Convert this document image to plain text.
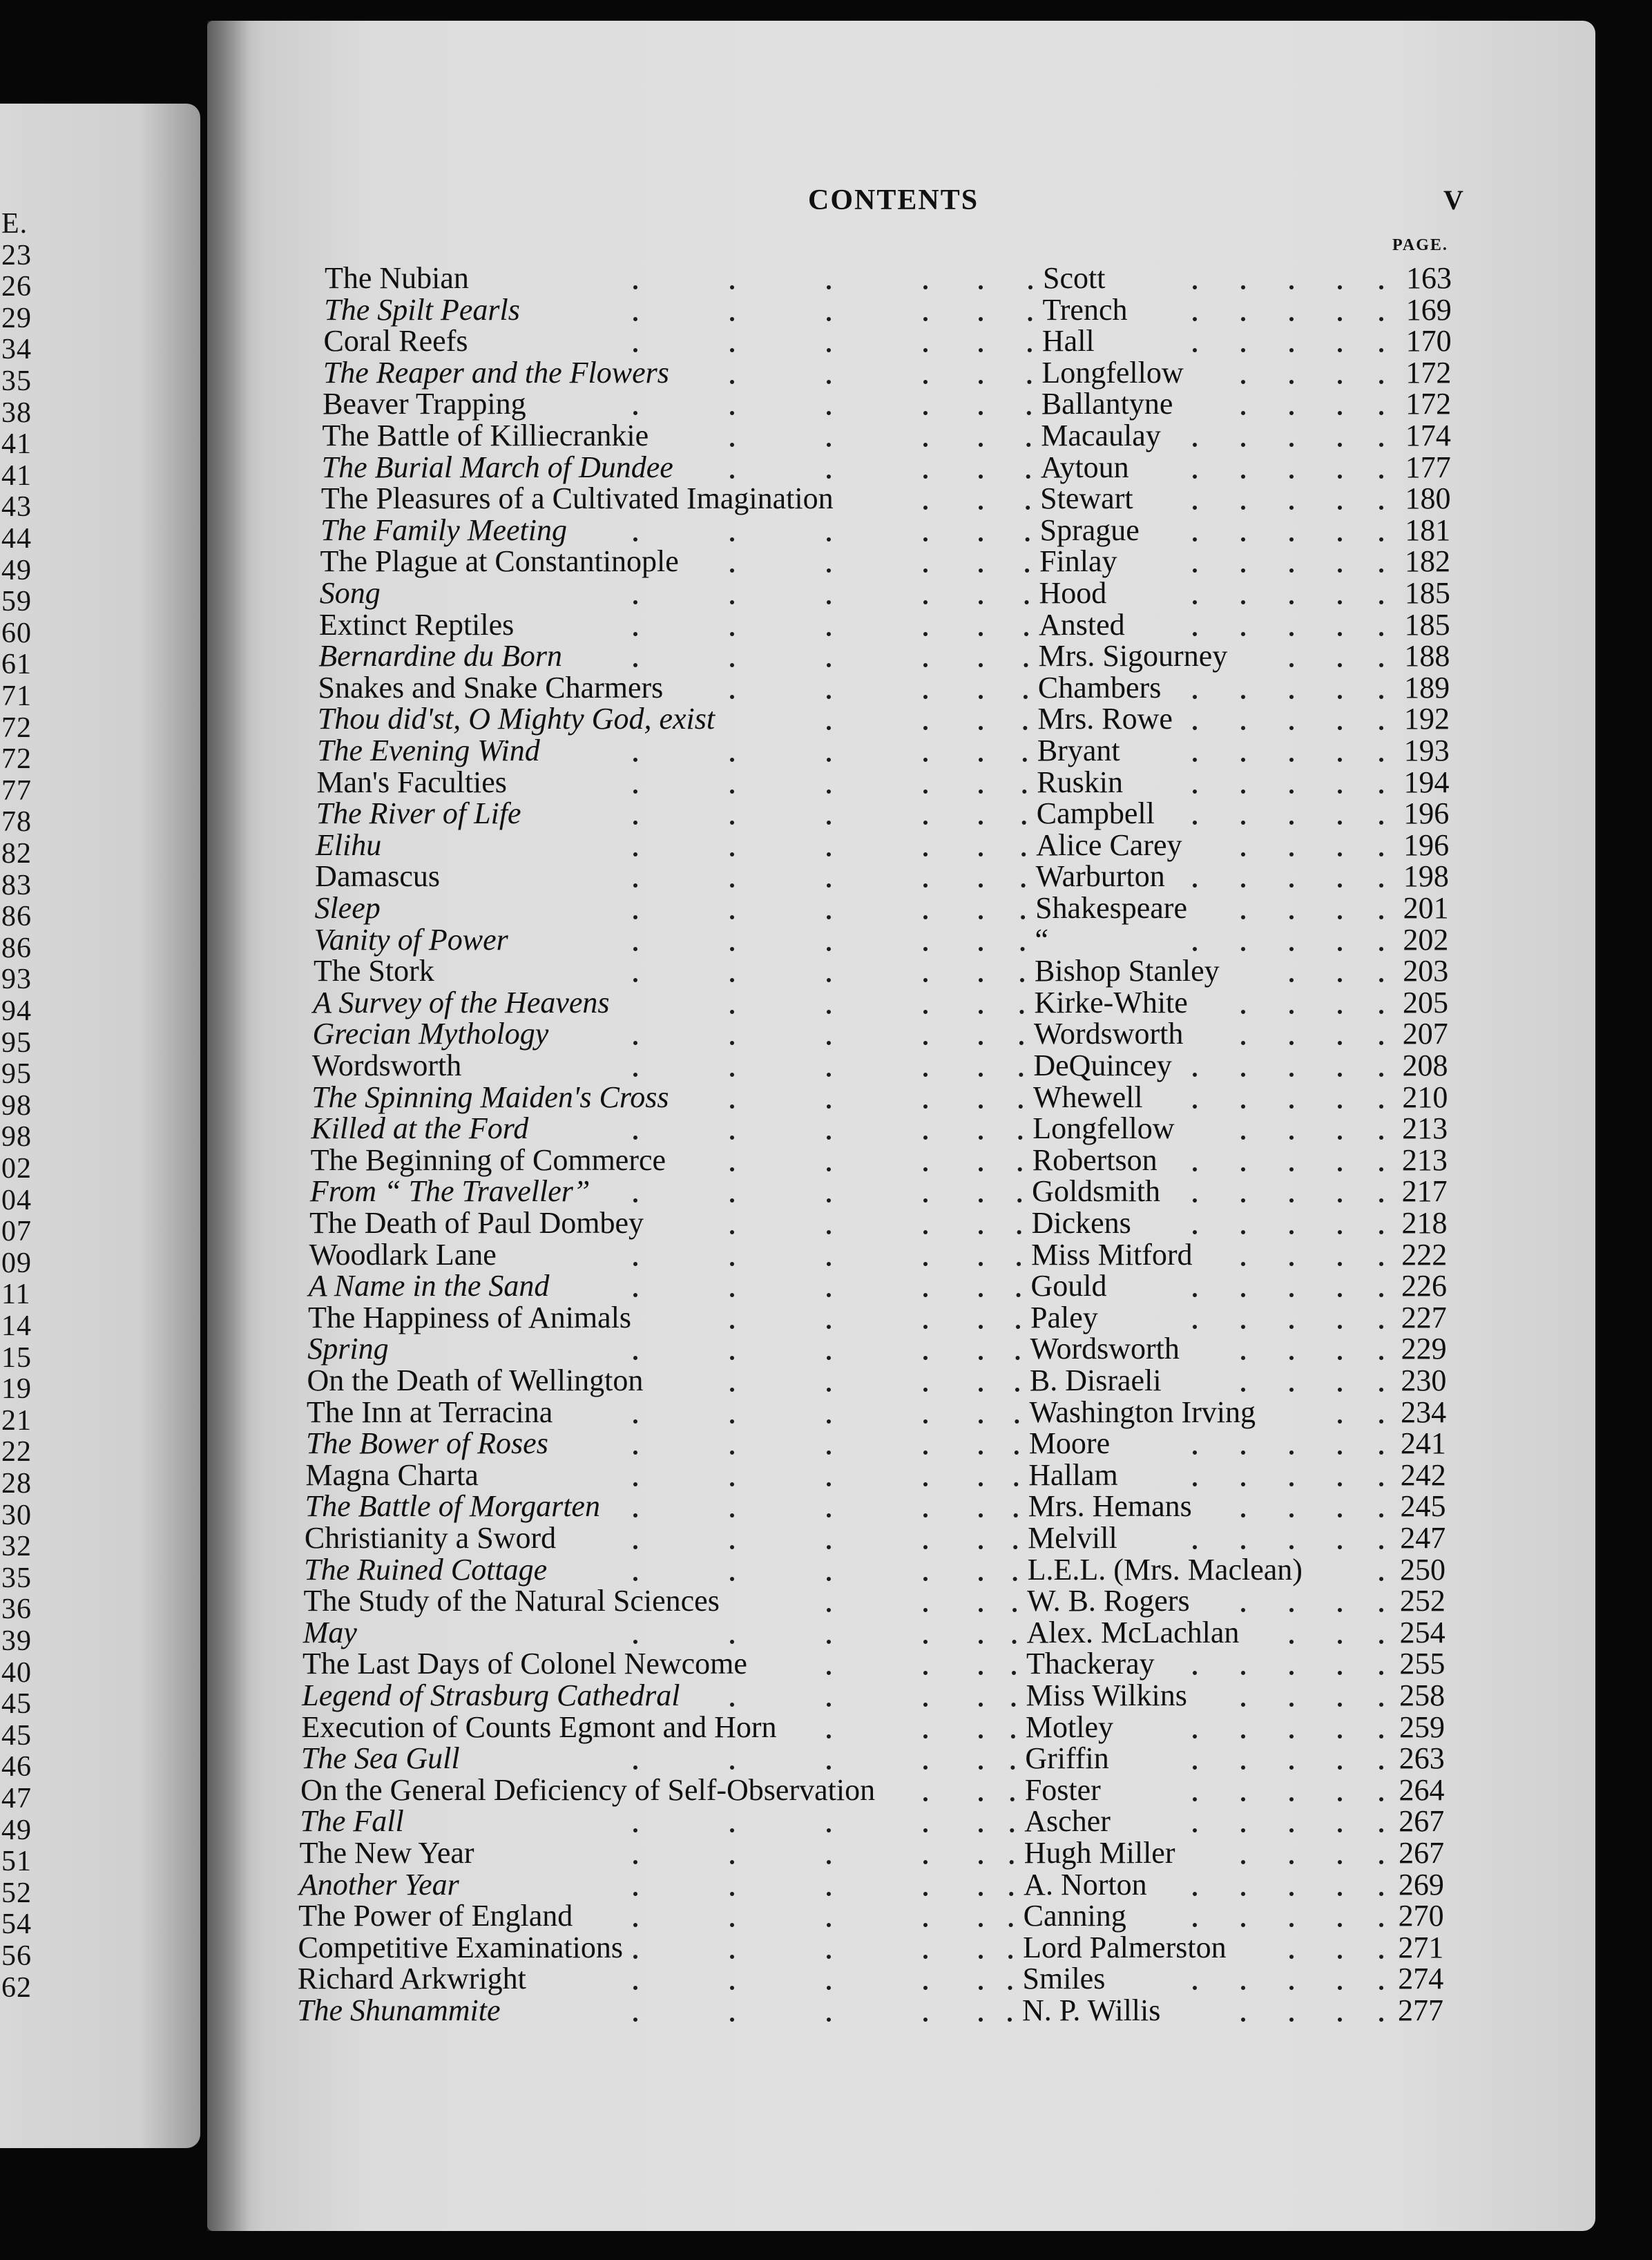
E.
23
26
29
34
35
38
41
41
43
44
49
59
60
61
71
72
72
77
78
82
83
86
86
93
94
95
95
98
98
02
04
07
09
11
14
15
19
21
22
28
30
32
35
36
39
40
45
45
46
47
49
51
52
54
56
62
CONTENTS	V
PAGE.
The Nubian	Scott	163
The Spilt Pearls	Trench	169
Coral Reefs	Hall	170
The Reaper and the Flowers	Longfellow	172
Beaver Trapping	Ballantyne	172
The Battle of Killiecrankie	Macaulay	174
The Burial March of Dundee	Aytoun	177
The Pleasures of a Cultivated Imagination	Stewart	180
The Family Meeting	Sprague	181
The Plague at Constantinople	Finlay	182
Song	Hood	185
Extinct Reptiles	Ansted	185
Bernardine du Born	Mrs. Sigourney	188
Snakes and Snake Charmers	Chambers	189
Thou did'st, O Mighty God, exist	Mrs. Rowe	192
The Evening Wind	Bryant	193
Man's Faculties	Ruskin	194
The River of Life	Campbell	196
Elihu	Alice Carey	196
Damascus	Warburton	198
Sleep	Shakespeare	201
Vanity of Power	“	202
The Stork	Bishop Stanley	203
A Survey of the Heavens	Kirke-White	205
Grecian Mythology	Wordsworth	207
Wordsworth	DeQuincey	208
The Spinning Maiden's Cross	Whewell	210
Killed at the Ford	Longfellow	213
The Beginning of Commerce	Robertson	213
From “ The Traveller”	Goldsmith	217
The Death of Paul Dombey	Dickens	218
Woodlark Lane	Miss Mitford	222
A Name in the Sand	Gould	226
The Happiness of Animals	Paley	227
Spring	Wordsworth	229
On the Death of Wellington	B. Disraeli	230
The Inn at Terracina	Washington Irving	234
The Bower of Roses	Moore	241
Magna Charta	Hallam	242
The Battle of Morgarten	Mrs. Hemans	245
Christianity a Sword	Melvill	247
The Ruined Cottage	L.E.L. (Mrs. Maclean)	250
The Study of the Natural Sciences	W. B. Rogers	252
May	Alex. McLachlan	254
The Last Days of Colonel Newcome	Thackeray	255
Legend of Strasburg Cathedral	Miss Wilkins	258
Execution of Counts Egmont and Horn	Motley	259
The Sea Gull	Griffin	263
On the General Deficiency of Self-Observation	Foster	264
The Fall	Ascher	267
The New Year	Hugh Miller	267
Another Year	A. Norton	269
The Power of England	Canning	270
Competitive Examinations	Lord Palmerston	271
Richard Arkwright	Smiles	274
The Shunammite	N. P. Willis	277
